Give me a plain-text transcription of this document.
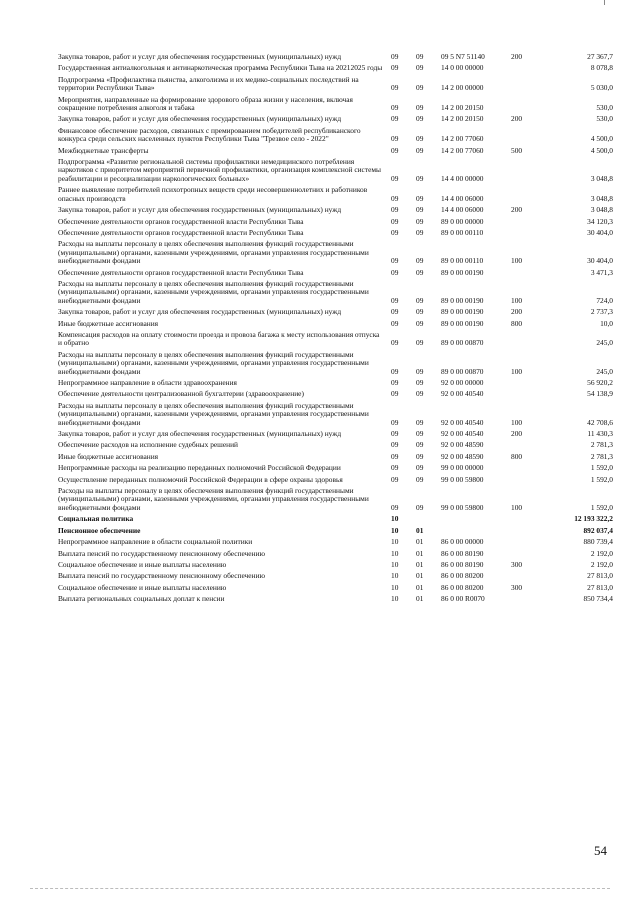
Закупка товаров, работ и услуг для обеспечения государственных (муниципальных) нужд	09	09	09 5 N7 51140	200	27 367,7
Государственная антиалкогольная и антинаркотическая программа Республики Тыва на 20212025 годы	09	09	14 0 00 00000		8 078,8
Подпрограмма «Профилактика пьянства, алкоголизма и их медико-социальных последствий на территории Республики Тыва»	09	09	14 2 00 00000		5 030,0
Мероприятия, направленные на формирование здорового образа жизни у населения, включая сокращение потребления алкоголя и табака	09	09	14 2 00 20150		530,0
Закупка товаров, работ и услуг для обеспечения государственных (муниципальных) нужд	09	09	14 2 00 20150	200	530,0
Финансовое обеспечение расходов, связанных с премированием победителей республиканского конкурса среди сельских населенных пунктов Республики Тыва "Трезвое село - 2022"	09	09	14 2 00 77060		4 500,0
Межбюджетные трансферты	09	09	14 2 00 77060	500	4 500,0
Подпрограмма «Развитие региональной системы профилактики немедицинского потребления наркотиков с приоритетом мероприятий первичной профилактики, организация комплексной системы реабилитации и ресоциализации наркологических больных»	09	09	14 4 00 00000		3 048,8
Раннее выявление потребителей психотропных веществ среди несовершеннолетних и работников опасных производств	09	09	14 4 00 06000		3 048,8
Закупка товаров, работ и услуг для обеспечения государственных (муниципальных) нужд	09	09	14 4 00 06000	200	3 048,8
Обеспечение деятельности органов государственной власти Республики Тыва	09	09	89 0 00 00000		34 120,3
Обеспечение деятельности органов государственной власти Республики Тыва	09	09	89 0 00 00110		30 404,0
Расходы на выплаты персоналу в целях обеспечения выполнения функций государственными (муниципальными) органами, казенными учреждениями, органами управления государственными внебюджетными фондами	09	09	89 0 00 00110	100	30 404,0
Обеспечение деятельности органов государственной власти Республики Тыва	09	09	89 0 00 00190		3 471,3
Расходы на выплаты персоналу в целях обеспечения выполнения функций государственными (муниципальными) органами, казенными учреждениями, органами управления государственными внебюджетными фондами	09	09	89 0 00 00190	100	724,0
Закупка товаров, работ и услуг для обеспечения государственных (муниципальных) нужд	09	09	89 0 00 00190	200	2 737,3
Иные бюджетные ассигнования	09	09	89 0 00 00190	800	10,0
Компенсация расходов на оплату стоимости проезда и провоза багажа к месту использования отпуска и обратно	09	09	89 0 00 00870		245,0
Расходы на выплаты персоналу в целях обеспечения выполнения функций государственными (муниципальными) органами, казенными учреждениями, органами управления государственными внебюджетными фондами	09	09	89 0 00 00870	100	245,0
Непрограммное направление в области здравоохранения	09	09	92 0 00 00000		56 920,2
Обеспечение деятельности централизованной бухгалтерии (здравоохранение)	09	09	92 0 00 40540		54 138,9
Расходы на выплаты персоналу в целях обеспечения выполнения функций государственными (муниципальными) органами, казенными учреждениями, органами управления государственными внебюджетными фондами	09	09	92 0 00 40540	100	42 708,6
Закупка товаров, работ и услуг для обеспечения государственных (муниципальных) нужд	09	09	92 0 00 40540	200	11 430,3
Обеспечение расходов на исполнение судебных решений	09	09	92 0 00 48590		2 781,3
Иные бюджетные ассигнования	09	09	92 0 00 48590	800	2 781,3
Непрограммные расходы на реализацию переданных полномочий Российской Федерации	09	09	99 0 00 00000		1 592,0
Осуществление переданных полномочий Российской Федерации в сфере охраны здоровья	09	09	99 0 00 59800		1 592,0
Расходы на выплаты персоналу в целях обеспечения выполнения функций государственными (муниципальными) органами, казенными учреждениями, органами управления государственными внебюджетными фондами	09	09	99 0 00 59800	100	1 592,0
Социальная политика	10				12 193 322,2
Пенсионное обеспечение	10	01			892 037,4
Непрограммное направление в области социальной политики	10	01	86 0 00 00000		880 739,4
Выплата пенсий по государственному пенсионному обеспечению	10	01	86 0 00 80190		2 192,0
Социальное обеспечение и иные выплаты населению	10	01	86 0 00 80190	300	2 192,0
Выплата пенсий по государственному пенсионному обеспечению	10	01	86 0 00 80200		27 813,0
Социальное обеспечение и иные выплаты населению	10	01	86 0 00 80200	300	27 813,0
Выплата региональных социальных доплат к пенсии	10	01	86 0 00 R0070		850 734,4
54
